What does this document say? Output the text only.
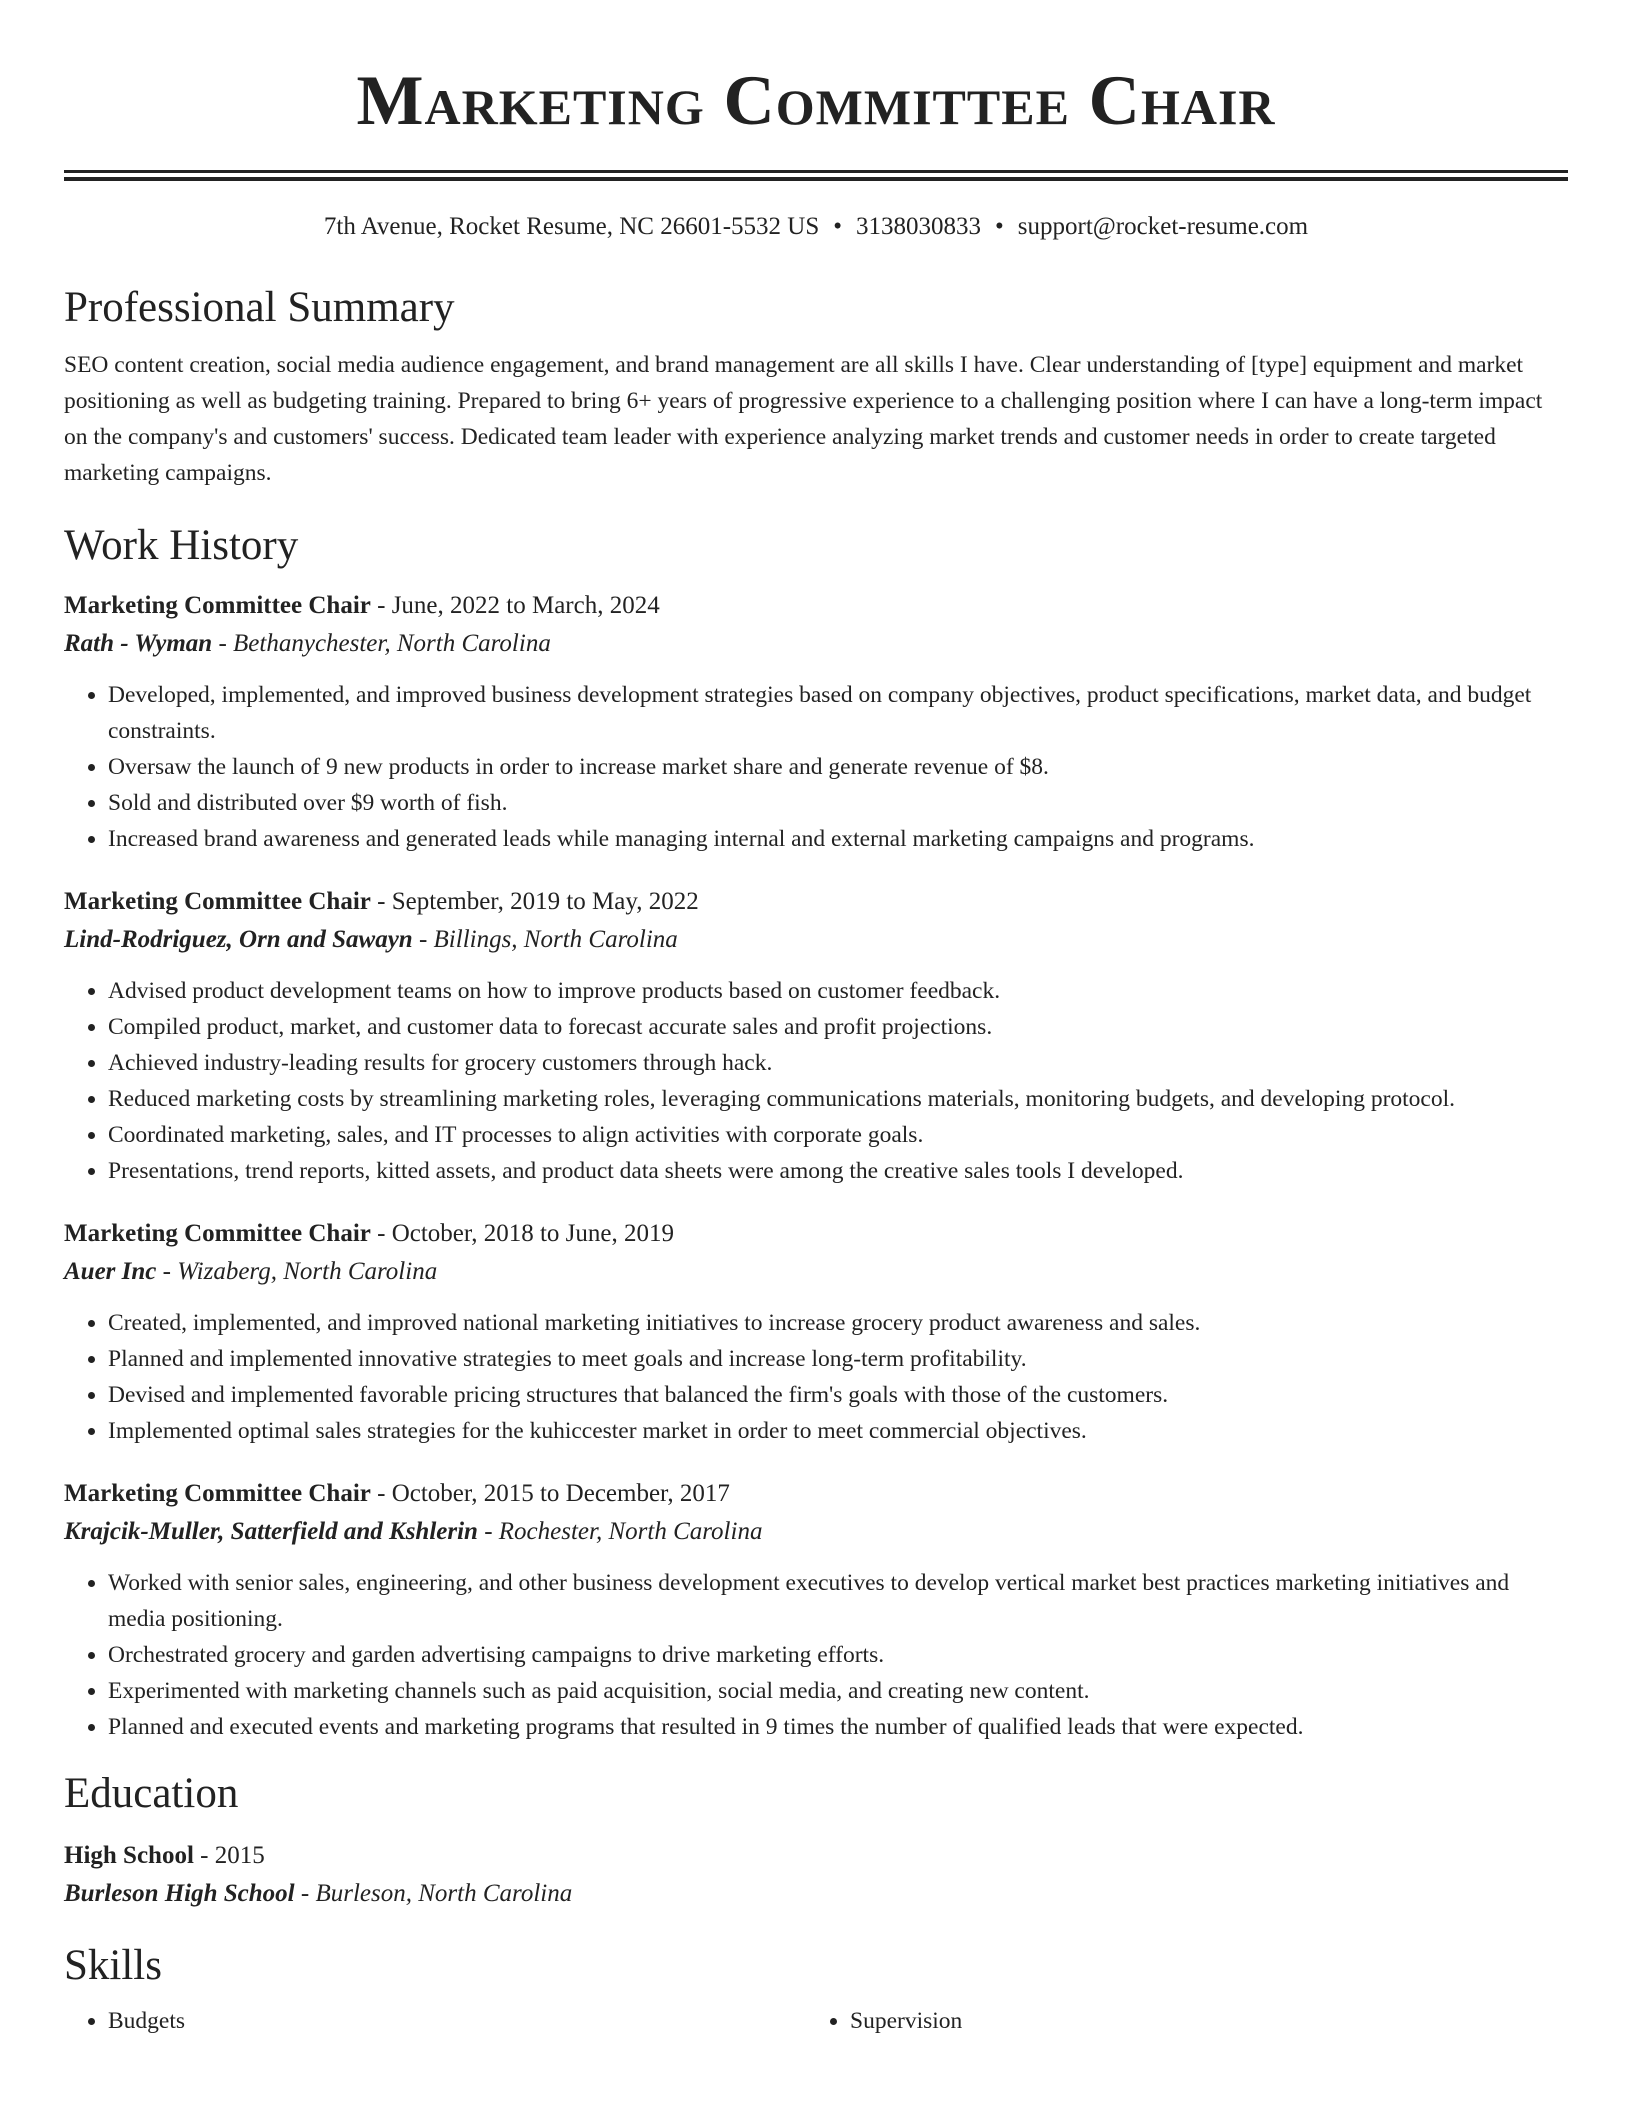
Marketing Committee Chair
7th Avenue, Rocket Resume, NC 26601-5532 US • 3138030833 • support@rocket-resume.com
Professional Summary

SEO content creation, social media audience engagement, and brand management are all skills I have. Clear understanding of [type] equipment and market positioning as well as budgeting training. Prepared to bring 6+ years of progressive experience to a challenging position where I can have a long-term impact on the company's and customers' success. Dedicated team leader with experience analyzing market trends and customer needs in order to create targeted marketing campaigns.

Work History
Marketing Committee Chair - June, 2022 to March, 2024
Rath - Wyman - Bethanychester, North Carolina
• Developed, implemented, and improved business development strategies based on company objectives, product specifications, market data, and budget constraints.
• Oversaw the launch of 9 new products in order to increase market share and generate revenue of $8.
• Sold and distributed over $9 worth of fish.
• Increased brand awareness and generated leads while managing internal and external marketing campaigns and programs.
Marketing Committee Chair - September, 2019 to May, 2022
Lind-Rodriguez, Orn and Sawayn - Billings, North Carolina
• Advised product development teams on how to improve products based on customer feedback.
• Compiled product, market, and customer data to forecast accurate sales and profit projections.
• Achieved industry-leading results for grocery customers through hack.
• Reduced marketing costs by streamlining marketing roles, leveraging communications materials, monitoring budgets, and developing protocol.
• Coordinated marketing, sales, and IT processes to align activities with corporate goals.
• Presentations, trend reports, kitted assets, and product data sheets were among the creative sales tools I developed.
Marketing Committee Chair - October, 2018 to June, 2019
Auer Inc - Wizaberg, North Carolina
• Created, implemented, and improved national marketing initiatives to increase grocery product awareness and sales.
• Planned and implemented innovative strategies to meet goals and increase long-term profitability.
• Devised and implemented favorable pricing structures that balanced the firm's goals with those of the customers.
• Implemented optimal sales strategies for the kuhiccester market in order to meet commercial objectives.
Marketing Committee Chair - October, 2015 to December, 2017
Krajcik-Muller, Satterfield and Kshlerin - Rochester, North Carolina
• Worked with senior sales, engineering, and other business development executives to develop vertical market best practices marketing initiatives and media positioning.
• Orchestrated grocery and garden advertising campaigns to drive marketing efforts.
• Experimented with marketing channels such as paid acquisition, social media, and creating new content.
• Planned and executed events and marketing programs that resulted in 9 times the number of qualified leads that were expected.
Education
High School - 2015
Burleson High School - Burleson, North Carolina
Skills
• Budgets
•	Supervision
